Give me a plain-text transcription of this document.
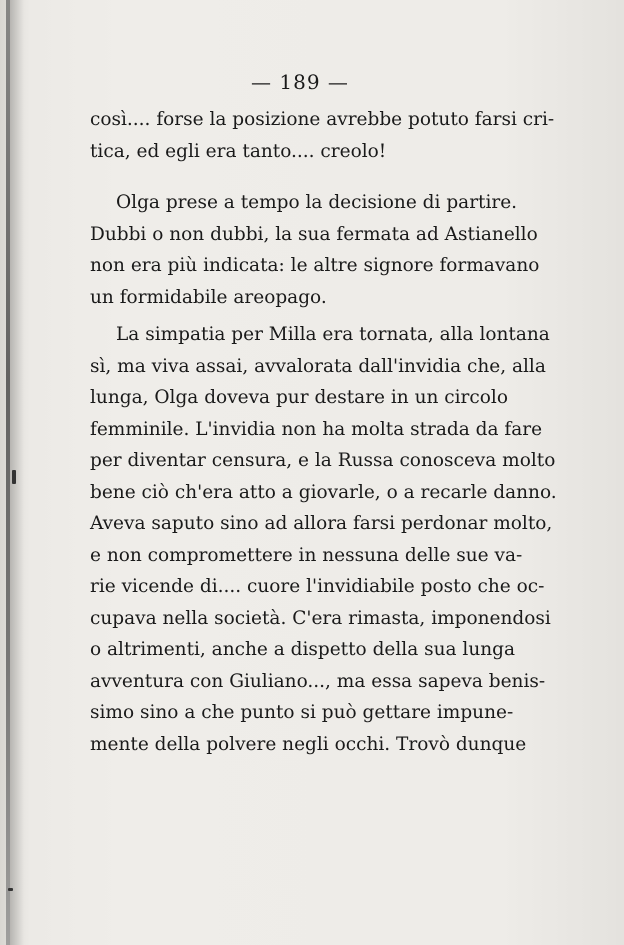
— 189 —
così.... forse la posizione avrebbe potuto farsi cri-
tica, ed egli era tanto.... creolo!
Olga prese a tempo la decisione di partire.
Dubbi o non dubbi, la sua fermata ad Astianello
non era più indicata: le altre signore formavano
un formidabile areopago.
La simpatia per Milla era tornata, alla lontana
sì, ma viva assai, avvalorata dall'invidia che, alla
lunga, Olga doveva pur destare in un circolo
femminile. L'invidia non ha molta strada da fare
per diventar censura, e la Russa conosceva molto
bene ciò ch'era atto a giovarle, o a recarle danno.
Aveva saputo sino ad allora farsi perdonar molto,
e non compromettere in nessuna delle sue va-
rie vicende di.... cuore l'invidiabile posto che oc-
cupava nella società. C'era rimasta, imponendosi
o altrimenti, anche a dispetto della sua lunga
avventura con Giuliano..., ma essa sapeva benis-
simo sino a che punto si può gettare impune-
mente della polvere negli occhi. Trovò dunque
